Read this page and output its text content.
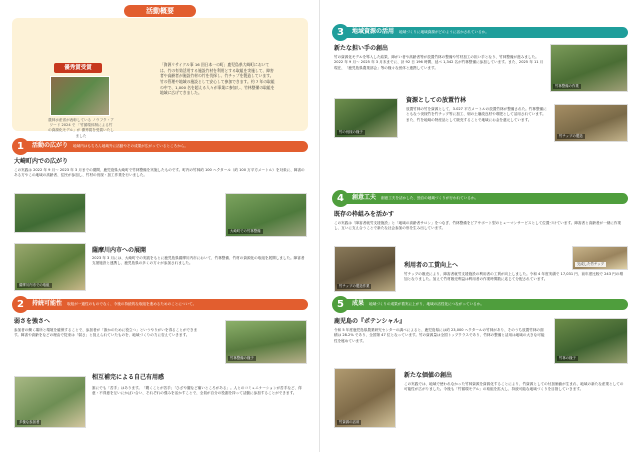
活動概要
優秀賞受賞
農林水産省が表彰している ノウフク・アワード 2024 で 「竹循環体制による竹の資源化モデル」が 優秀賞を受賞いたしました
「資源リサイクル事 16 回日本一の町」鹿児島県大崎町においては、竹の有効活用する施設竹材を利用とする取組を実施して、障害者や高齢者が施設竹材の竹を伐採し、竹チップを製造しています。竹の管理や地域の施設として安心して参加できます。約 7 年の取組の中で、1,000 名を超える人々が事業に参加し、竹林整備の取組を地域に広げてきました。
1	活動の広がり 地域内はもちろん地域外に活動やその成果が広がっているところから。
大崎町内での広がり
この実践は 2022 年 9 月〜 2023 年 3 月までの期間、鹿児島県大崎町で竹林整備を実施したものです。町内の竹林約 100 ヘクタール（約 100 万平方メートル）を対象に、障害のある方やこの地域の高齢者、住民が参加し、竹材の伐採・加工作業を行いました。
大崎町での竹林整備
薩摩川内市への展開
2023 年 3 月には、大崎町での実践をもとに鹿児島県薩摩川内市において、竹林整備、竹材の資源化の取組を展開しました。障害者支援施設と連携し、鹿児島県の多くの方々が参加されました。
薩摩川内市での取組
2	持続可能性 取組が一過性のものでなく、今後の持続的な取組を進めるためのことについて。
弱さを強さへ
参加者の働く場所と環境を確保することで、参加者が「誰かのために役立つ」というやりがいを得ることができます。障害や高齢をなどの理由で従来は「弱さ」と捉えられていたものを、地域づくりの力に変えていきます。
竹林整備の様子
相互補完による自己有用感
誰にでも「苦手」はあります。「聞くことが苦手」「ひざや腰など痛いところがある」。人とのコミュニケーションが苦手など、得意・不得意を互いにかばい合い、それぞれの強みを活かすことで、全員が自分の役割を持って活動に参加することができます。
多様な参加者
3	地域資源の活用 地域づくりに地域資源がどのように活かされているか。
新たな担い手の創出
竹の資源化モデルを導入した結果、障がい者や高齢者等が放置竹林の整備や竹材加工の担い手となり、竹林整備が進みました。2022 年 9 月〜 2025 年 3 月末までに、計 92 日 196 時間、延べ 1,342 名が竹林整備に参加しています。また、2025 年 11 月現在、「鹿児島県農業部会」等の様々な団体と連携しています。
竹林整備の作業
竹の伐採の様子
資源としての放置竹林
放置竹林の竹を資源として、3.027 平方メートルの放置竹林が整備された。竹林整備にともなう伐採竹を竹チップ等に加工、畑の土壌改良材や堆肥として活用されています。また、竹を地域の特産品として販売することで地域にお金を還元しています。
竹チップの製造
4	創意工夫 創意工夫を活かした、独自の地域づくりが行われているか。
既存の枠組みを活かす
この実践は「障害者就労支援施設」と「地域の高齢者サロン」をつなぎ、竹林整備をピアサポート型のヒューマンサービスとして位置づけています。障害者と高齢者が一緒に作業し、互いに支え合うことで新たな社会参加の形を生み出しています。
竹チップの製造作業
利用者の工賃向上へ
竹チップの販売により、障害者就労支援施設の利用者の工賃が向上しました。令和 4 年度実績で 17,031 円、前年度比較で 243 円の増加となりました。加えて竹材販売利益は利用者の作業時間数に応じて分配されています。
完成した竹チップ
5	成果 地域づくりの成果が着実に上がり、地域の活性化につながっているか。
鹿児島の『ポテンシャル』
令和 5 年度鹿児島県農業研究センターの調べによると、鹿児島県には約 23,000 ヘクタールの竹林があり、そのうち放置竹林の面積は 28.2% であり、全国第 47 位となっています。竹の資源量は全国トップクラスであり、竹林の整備と活用は地域の大きな可能性を秘めています。
竹林の様子
竹資源の活用
新たな価値の創出
この実践では、地域で使われなかった竹林資源を資源化することにより、竹資源としての付加価値が生まれ、地域の新たな産業としての可能性が広がりました。今後も「竹循環モデル」の取組を拡大し、持続可能な地域づくりを目指していきます。
